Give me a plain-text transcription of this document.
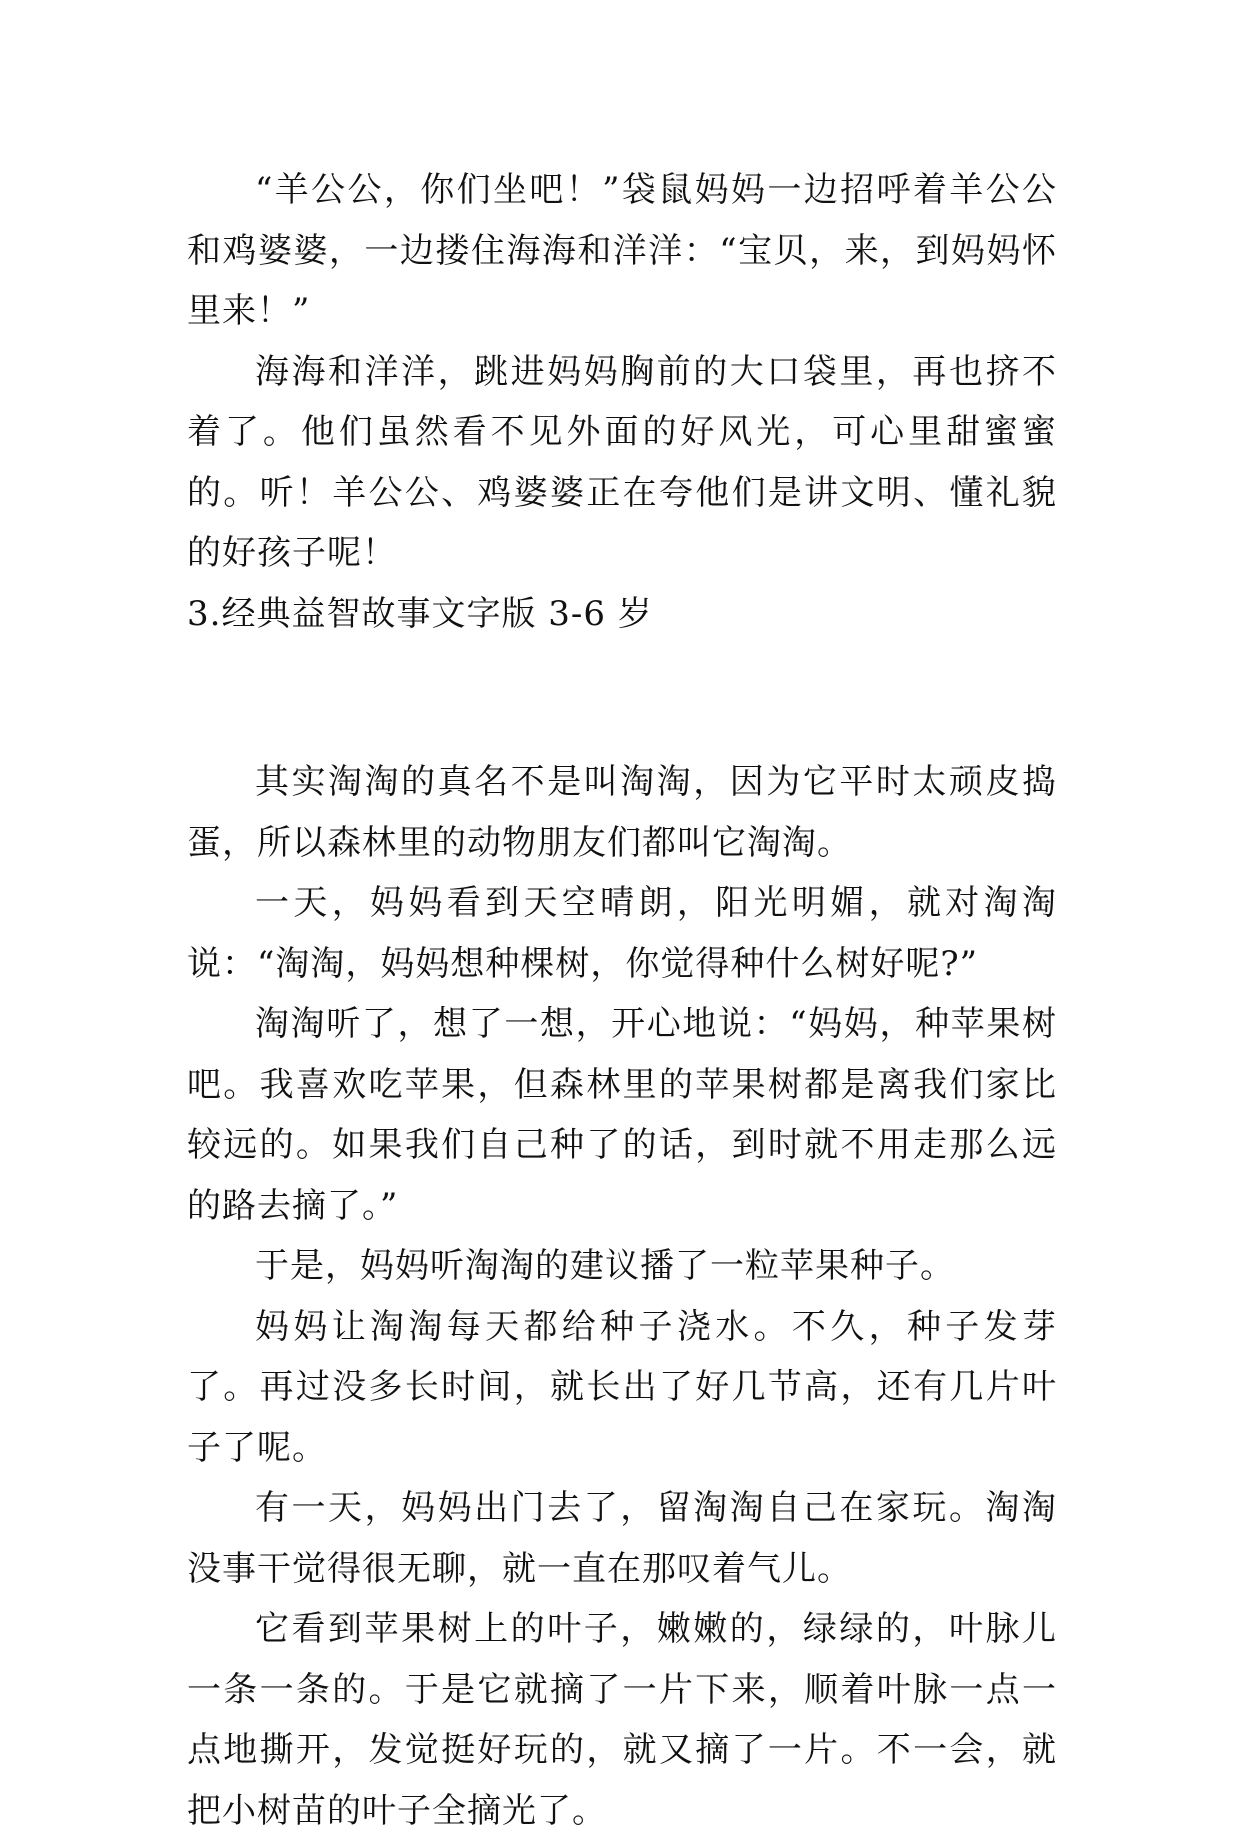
“羊公公，你们坐吧！”袋鼠妈妈一边招呼着羊公公和鸡婆婆，一边搂住海海和洋洋：“宝贝，来，到妈妈怀里来！”

海海和洋洋，跳进妈妈胸前的大口袋里，再也挤不着了。他们虽然看不见外面的好风光，可心里甜蜜蜜的。听！羊公公、鸡婆婆正在夸他们是讲文明、懂礼貌的好孩子呢！

3.经典益智故事文字版 3-6 岁

其实淘淘的真名不是叫淘淘，因为它平时太顽皮捣蛋，所以森林里的动物朋友们都叫它淘淘。

一天，妈妈看到天空晴朗，阳光明媚，就对淘淘说：“淘淘，妈妈想种棵树，你觉得种什么树好呢?”

淘淘听了，想了一想，开心地说：“妈妈，种苹果树吧。我喜欢吃苹果，但森林里的苹果树都是离我们家比较远的。如果我们自己种了的话，到时就不用走那么远的路去摘了。”

于是，妈妈听淘淘的建议播了一粒苹果种子。

妈妈让淘淘每天都给种子浇水。不久，种子发芽了。再过没多长时间，就长出了好几节高，还有几片叶子了呢。

有一天，妈妈出门去了，留淘淘自己在家玩。淘淘没事干觉得很无聊，就一直在那叹着气儿。

它看到苹果树上的叶子，嫩嫩的，绿绿的，叶脉儿一条一条的。于是它就摘了一片下来，顺着叶脉一点一点地撕开，发觉挺好玩的，就又摘了一片。不一会，就把小树苗的叶子全摘光了。
